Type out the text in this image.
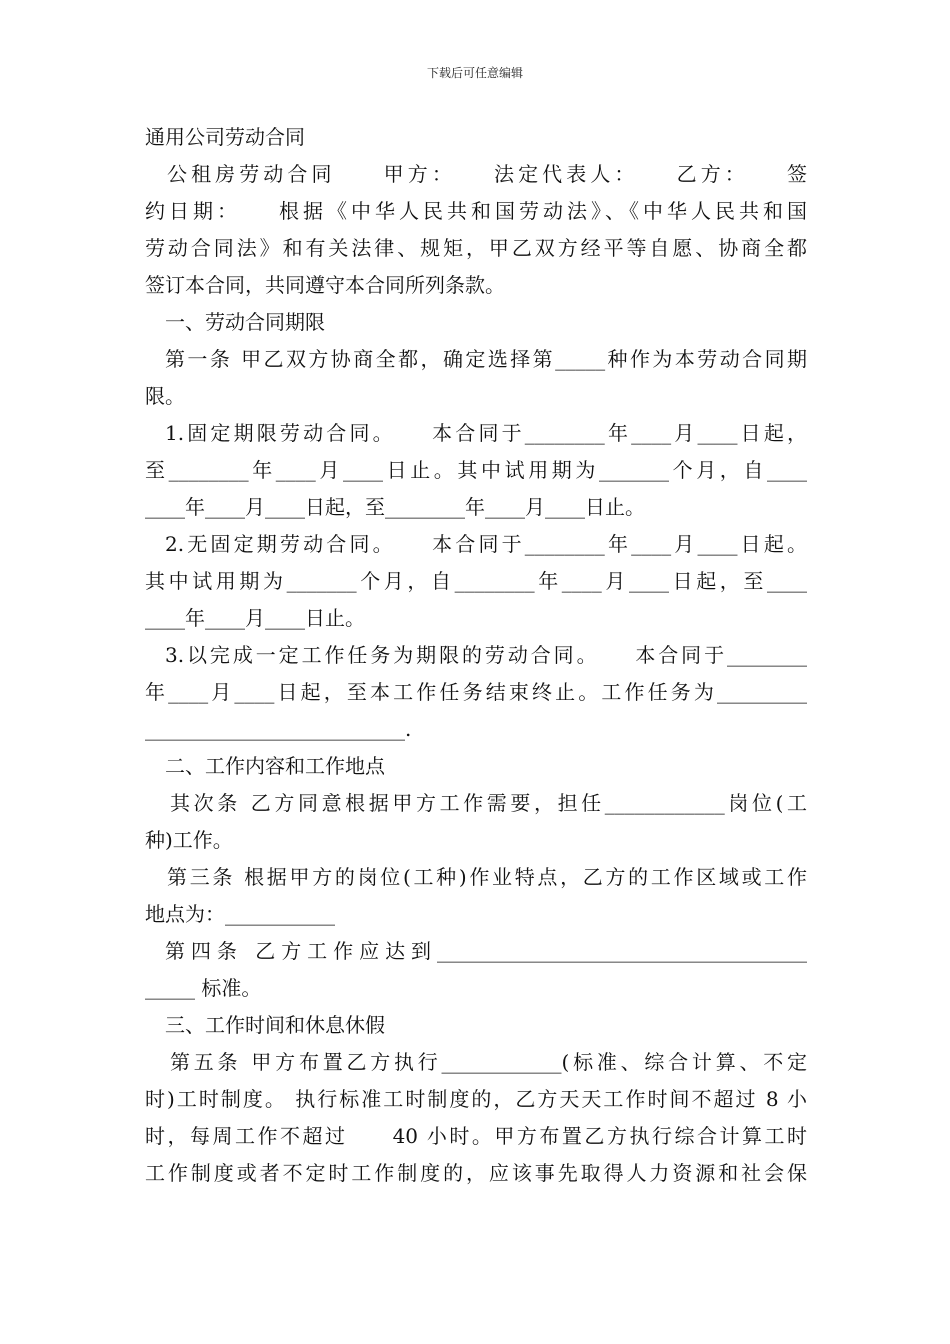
下载后可任意编辑
通用公司劳动合同
公租房劳动合同　　甲方：　　法定代表人：　　乙方：　　签
约日期：　　根据《中华人民共和国劳动法》、《中华人民共和国
劳动合同法》和有关法律、规矩，甲乙双方经平等自愿、协商全都
签订本合同，共同遵守本合同所列条款。
一、劳动合同期限
第一条 甲乙双方协商全都，确定选择第_____种作为本劳动合同期
限。
1.固定期限劳动合同。　　本合同于________年____月____日起，
至________年____月____日止。其中试用期为_______个月，自____
____年____月____日起，至________年____月____日止。
2.无固定期劳动合同。　　本合同于________年____月____日起。
其中试用期为_______个月，自________年____月____日起，至____
____年____月____日止。
3.以完成一定工作任务为期限的劳动合同。　　本合同于________
年____月____日起，至本工作任务结束终止。工作任务为_________
__________________________.
二、工作内容和工作地点
其次条 乙方同意根据甲方工作需要，担任____________岗位(工
种)工作。
第三条 根据甲方的岗位(工种)作业特点，乙方的工作区域或工作
地点为：___________
第四条 乙方工作应达到_____________________________________
_____ 标准。
三、工作时间和休息休假
第五条 甲方布置乙方执行____________(标准、综合计算、不定
时)工时制度。 执行标准工时制度的，乙方天天工作时间不超过 8 小
时，每周工作不超过　　40 小时。甲方布置乙方执行综合计算工时
工作制度或者不定时工作制度的，应该事先取得人力资源和社会保
